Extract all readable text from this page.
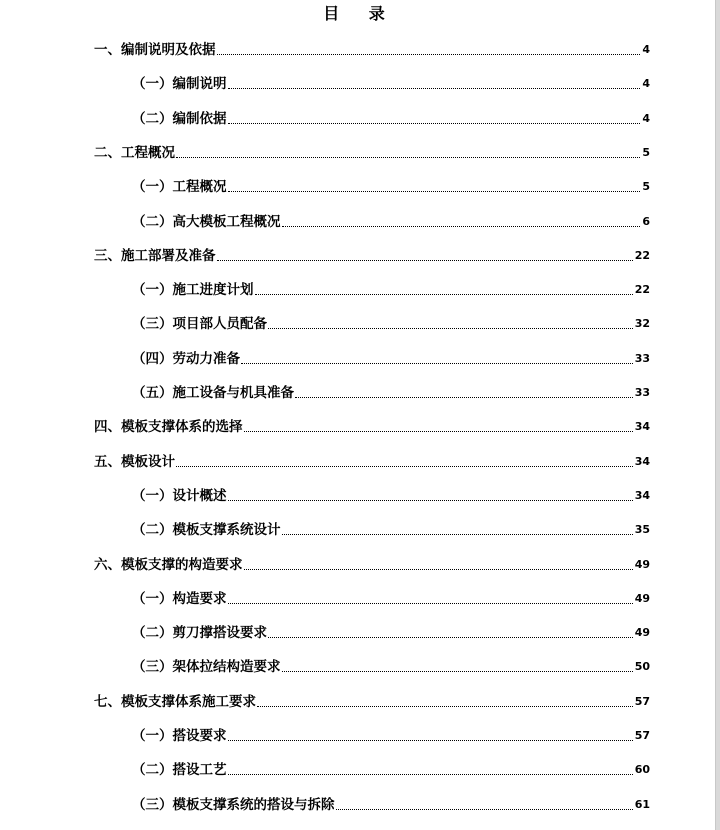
目 录
一、编制说明及依据	4
（一）编制说明	4
（二）编制依据	4
二、工程概况	5
（一）工程概况	5
（二）高大模板工程概况	6
三、施工部署及准备	22
（一）施工进度计划	22
（三）项目部人员配备	32
（四）劳动力准备	33
（五）施工设备与机具准备	33
四、模板支撑体系的选择	34
五、模板设计	34
（一）设计概述	34
（二）模板支撑系统设计	35
六、模板支撑的构造要求	49
（一）构造要求	49
（二）剪刀撑搭设要求	49
（三）架体拉结构造要求	50
七、模板支撑体系施工要求	57
（一）搭设要求	57
（二）搭设工艺	60
（三）模板支撑系统的搭设与拆除	61
